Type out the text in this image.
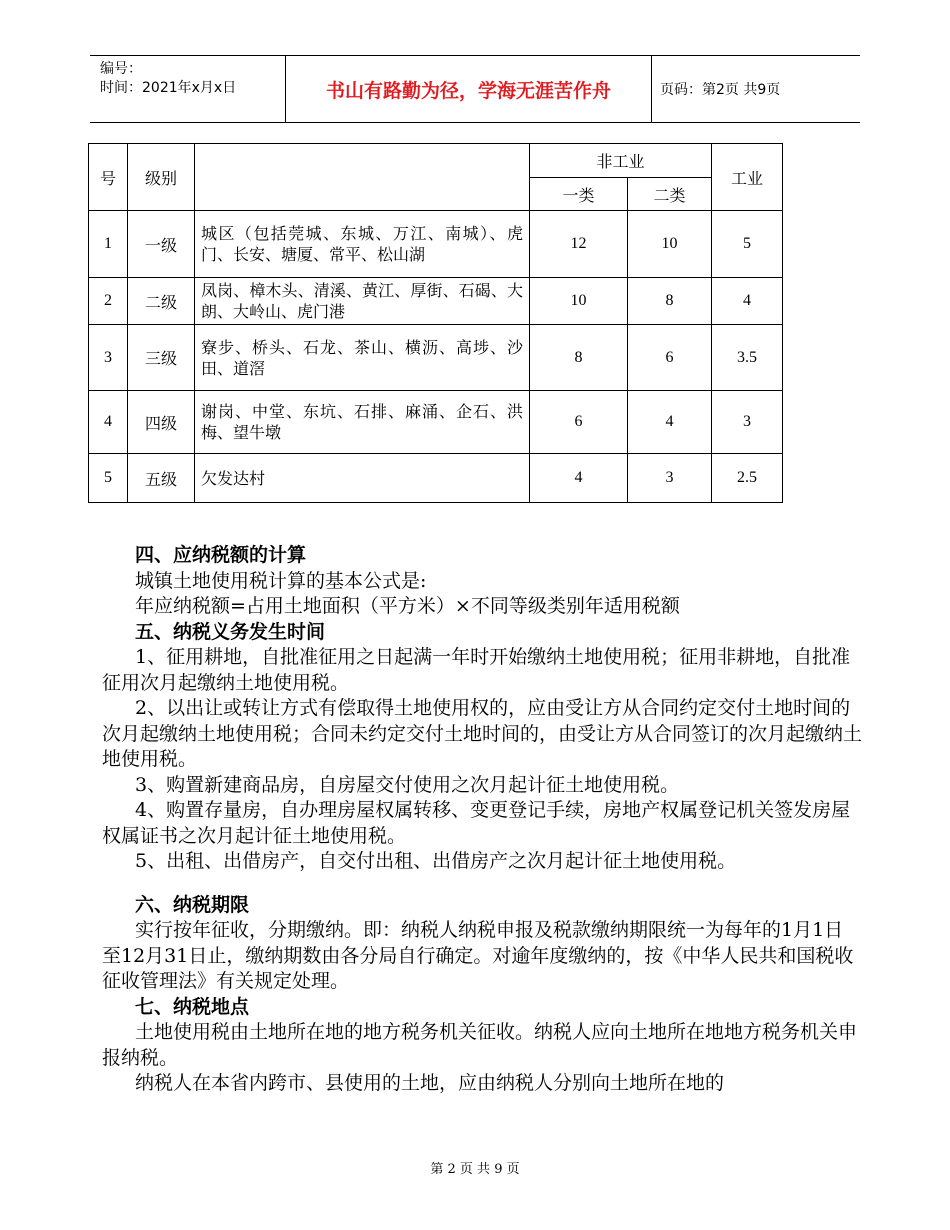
编号：
时间：2021年x月x日	书山有路勤为径，学海无涯苦作舟	页码：第2页 共9页
号	级别		非工业		工业
			一类	二类	
1	一级	城区（包括莞城、东城、万江、南城）、虎门、长安、塘厦、常平、松山湖	12	10	5
2	二级	凤岗、樟木头、清溪、黄江、厚街、石碣、大朗、大岭山、虎门港	10	8	4
3	三级	寮步、桥头、石龙、茶山、横沥、高埗、沙田、道滘	8	6	3.5
4	四级	谢岗、中堂、东坑、石排、麻涌、企石、洪梅、望牛墩	6	4	3
5	五级	欠发达村	4	3	2.5

四、应纳税额的计算

城镇土地使用税计算的基本公式是:

年应纳税额=占用土地面积（平方米）×不同等级类别年适用税额

五、纳税义务发生时间

1、征用耕地，自批准征用之日起满一年时开始缴纳土地使用税；征用非耕地，自批准征用次月起缴纳土地使用税。

2、以出让或转让方式有偿取得土地使用权的，应由受让方从合同约定交付土地时间的次月起缴纳土地使用税；合同未约定交付土地时间的，由受让方从合同签订的次月起缴纳土地使用税。

3、购置新建商品房，自房屋交付使用之次月起计征土地使用税。

4、购置存量房，自办理房屋权属转移、变更登记手续，房地产权属登记机关签发房屋权属证书之次月起计征土地使用税。

5、出租、出借房产，自交付出租、出借房产之次月起计征土地使用税。

六、纳税期限

实行按年征收，分期缴纳。即：纳税人纳税申报及税款缴纳期限统一为每年的1月1日至12月31日止，缴纳期数由各分局自行确定。对逾年度缴纳的，按《中华人民共和国税收征收管理法》有关规定处理。

七、纳税地点

土地使用税由土地所在地的地方税务机关征收。纳税人应向土地所在地地方税务机关申报纳税。

纳税人在本省内跨市、县使用的土地，应由纳税人分别向土地所在地的

第 2 页 共 9 页
